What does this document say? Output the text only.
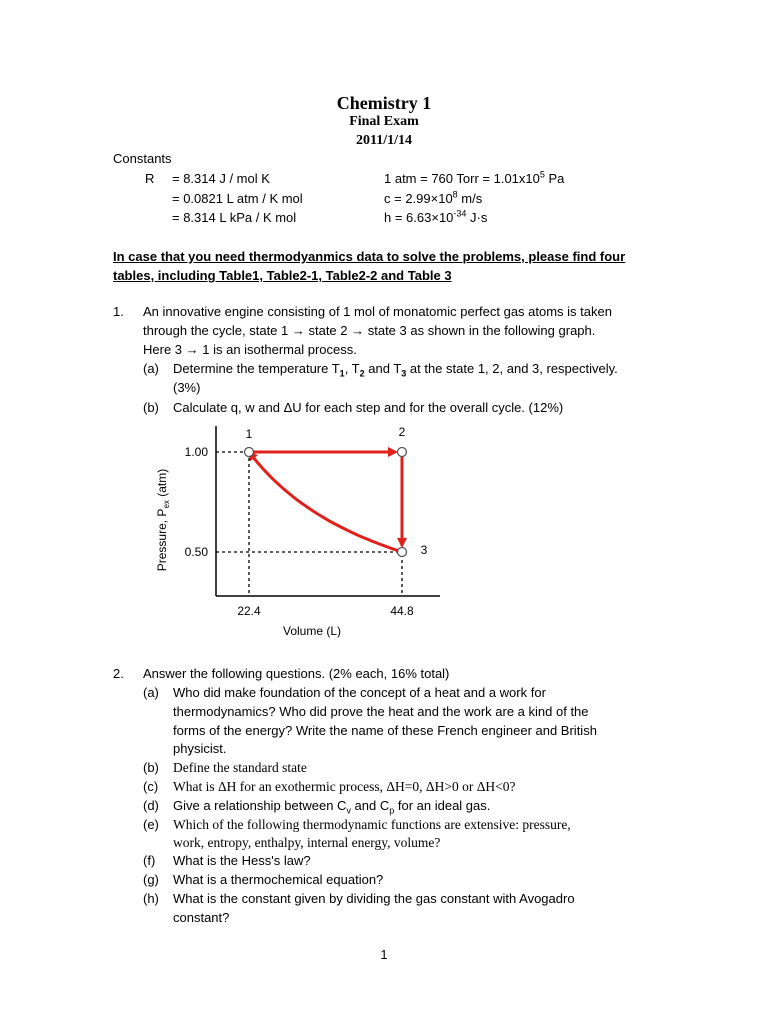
Chemistry 1
Final Exam
2011/1/14
Constants
R = 8.314 J / mol K
= 0.0821 L atm / K mol
= 8.314 L kPa / K mol
1 atm = 760 Torr = $1.01x10^5$ Pa
$c = 2.99\times 10^8$ m/s
$h = 6.63\times 10^{-34}$ J·s
In case that you need thermodyanmics data to solve the problems, please find four
tables, including Table1, Table2-1, Table2-2 and Table 3
1. An innovative engine consisting of 1 mol of monatomic perfect gas atoms is taken
through the cycle, state 1 → state 2 → state 3 as shown in the following graph.
Here 3 → 1 is an isothermal process.
(a) Determine the temperature $T_1$, $T_2$ and $T_3$ at the state 1, 2, and 3, respectively.
(3%)
(b) Calculate q, w and ΔU for each step and for the overall cycle. (12%)
1.00
0.50
22.4	44.8
1	2
3
Volume (L)
Pressure, $P_{ex}$ (atm)
2. Answer the following questions. (2% each, 16% total)
(a) Who did make foundation of the concept of a heat and a work for
thermodynamics? Who did prove the heat and the work are a kind of the
forms of the energy? Write the name of these French engineer and British
physicist.
(b) Define the standard state
(c) What is ΔH for an exothermic process, ΔH=0, ΔH>0 or ΔH<0?
(d) Give a relationship between $C_v$ and $C_p$ for an ideal gas.
(e) Which of the following thermodynamic functions are extensive: pressure,
work, entropy, enthalpy, internal energy, volume?
(f) What is the Hess's law?
(g) What is a thermochemical equation?
(h) What is the constant given by dividing the gas constant with Avogadro
constant?
1
